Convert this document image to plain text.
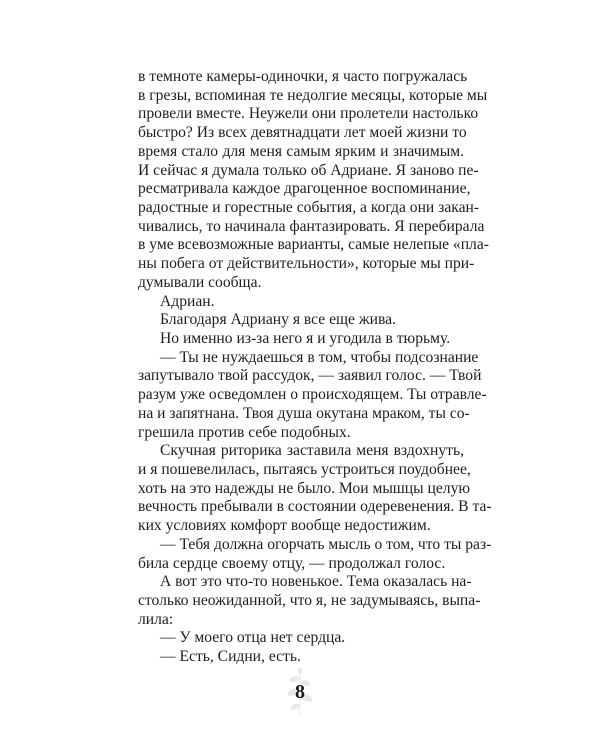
в темноте камеры-одиночки, я часто погружалась
в грезы, вспоминая те недолгие месяцы, которые мы
провели вместе. Неужели они пролетели настолько
быстро? Из всех девятнадцати лет моей жизни то
время стало для меня самым ярким и значимым.
И сейчас я думала только об Адриане. Я заново пе-
ресматривала каждое драгоценное воспоминание,
радостные и горестные события, а когда они закан-
чивались, то начинала фантазировать. Я перебирала
в уме всевозможные варианты, самые нелепые «пла-
ны побега от действительности», которые мы при-
думывали сообща.
Адриан.
Благодаря Адриану я все еще жива.
Но именно из-за него я и угодила в тюрьму.
— Ты не нуждаешься в том, чтобы подсознание
запутывало твой рассудок, — заявил голос. — Твой
разум уже осведомлен о происходящем. Ты отравле-
на и запятнана. Твоя душа окутана мраком, ты со-
грешила против себе подобных.
Скучная риторика заставила меня вздохнуть,
и я пошевелилась, пытаясь устроиться поудобнее,
хоть на это надежды не было. Мои мышцы целую
вечность пребывали в состоянии одеревенения. В та-
ких условиях комфорт вообще недостижим.
— Тебя должна огорчать мысль о том, что ты раз-
била сердце своему отцу, — продолжал голос.
А вот это что-то новенькое. Тема оказалась на-
столько неожиданной, что я, не задумываясь, выпа-
лила:
— У моего отца нет сердца.
— Есть, Сидни, есть.
8
